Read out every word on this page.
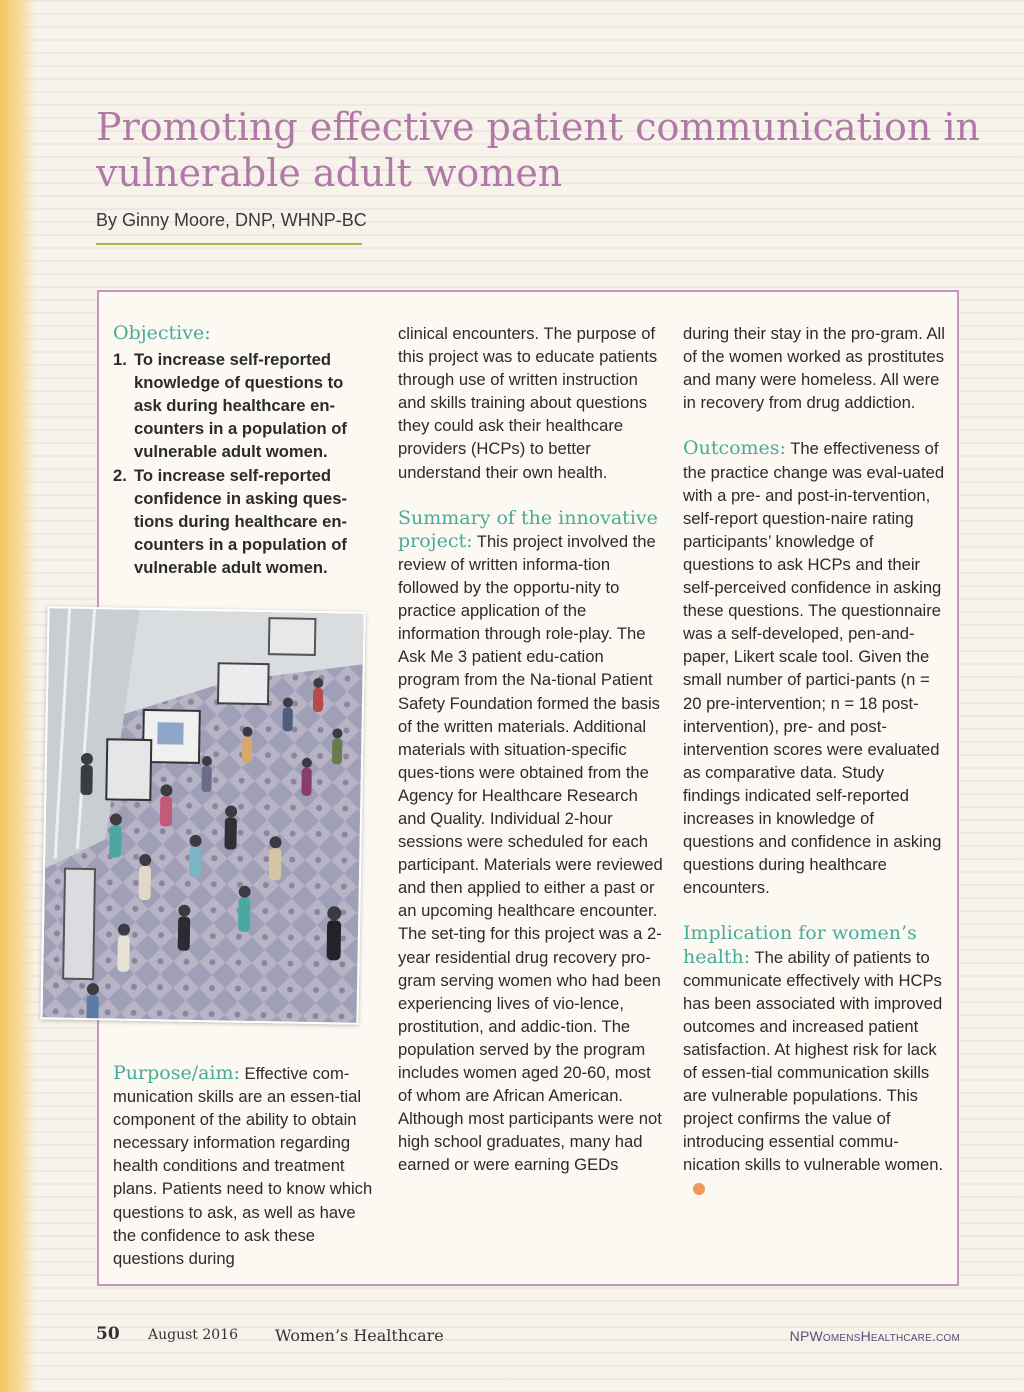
Promoting effective patient communication in vulnerable adult women
By Ginny Moore, DNP, WHNP-BC
Objective:
1. To increase self-reported knowledge of questions to ask during healthcare en-counters in a population of vulnerable adult women.
2. To increase self-reported confidence in asking ques-tions during healthcare en-counters in a population of vulnerable adult women.

Purpose/aim: Effective com-munication skills are an essen-tial component of the ability to obtain necessary information regarding health conditions and treatment plans. Patients need to know which questions to ask, as well as have the confidence to ask these questions during

clinical encounters. The purpose of this project was to educate patients through use of written instruction and skills training about questions they could ask their healthcare providers (HCPs) to better understand their own health.

Summary of the innovative project: This project involved the review of written informa-tion followed by the opportu-nity to practice application of the information through role-play. The Ask Me 3 patient edu-cation program from the Na-tional Patient Safety Foundation formed the basis of the written materials. Additional materials with situation-specific ques-tions were obtained from the Agency for Healthcare Research and Quality. Individual 2-hour sessions were scheduled for each participant. Materials were reviewed and then applied to either a past or an upcoming healthcare encounter. The set-ting for this project was a 2-year residential drug recovery pro-gram serving women who had been experiencing lives of vio-lence, prostitution, and addic-tion. The population served by the program includes women aged 20-60, most of whom are African American. Although most participants were not high school graduates, many had earned or were earning GEDs

during their stay in the pro-gram. All of the women worked as prostitutes and many were homeless. All were in recovery from drug addiction.

Outcomes: The effectiveness of the practice change was eval-uated with a pre- and post-in-tervention, self-report question-naire rating participants’ knowledge of questions to ask HCPs and their self-perceived confidence in asking these questions. The questionnaire was a self-developed, pen-and-paper, Likert scale tool. Given the small number of partici-pants (n = 20 pre-intervention; n = 18 post-intervention), pre- and post-intervention scores were evaluated as comparative data. Study findings indicated self-reported increases in knowledge of questions and confidence in asking questions during healthcare encounters.

Implication for women’s health: The ability of patients to communicate effectively with HCPs has been associated with improved outcomes and increased patient satisfaction. At highest risk for lack of essen-tial communication skills are vulnerable populations. This project confirms the value of introducing essential commu-nication skills to vulnerable women.

50 August 2016 Women’s Healthcare	NPWomensHealthcare.com
